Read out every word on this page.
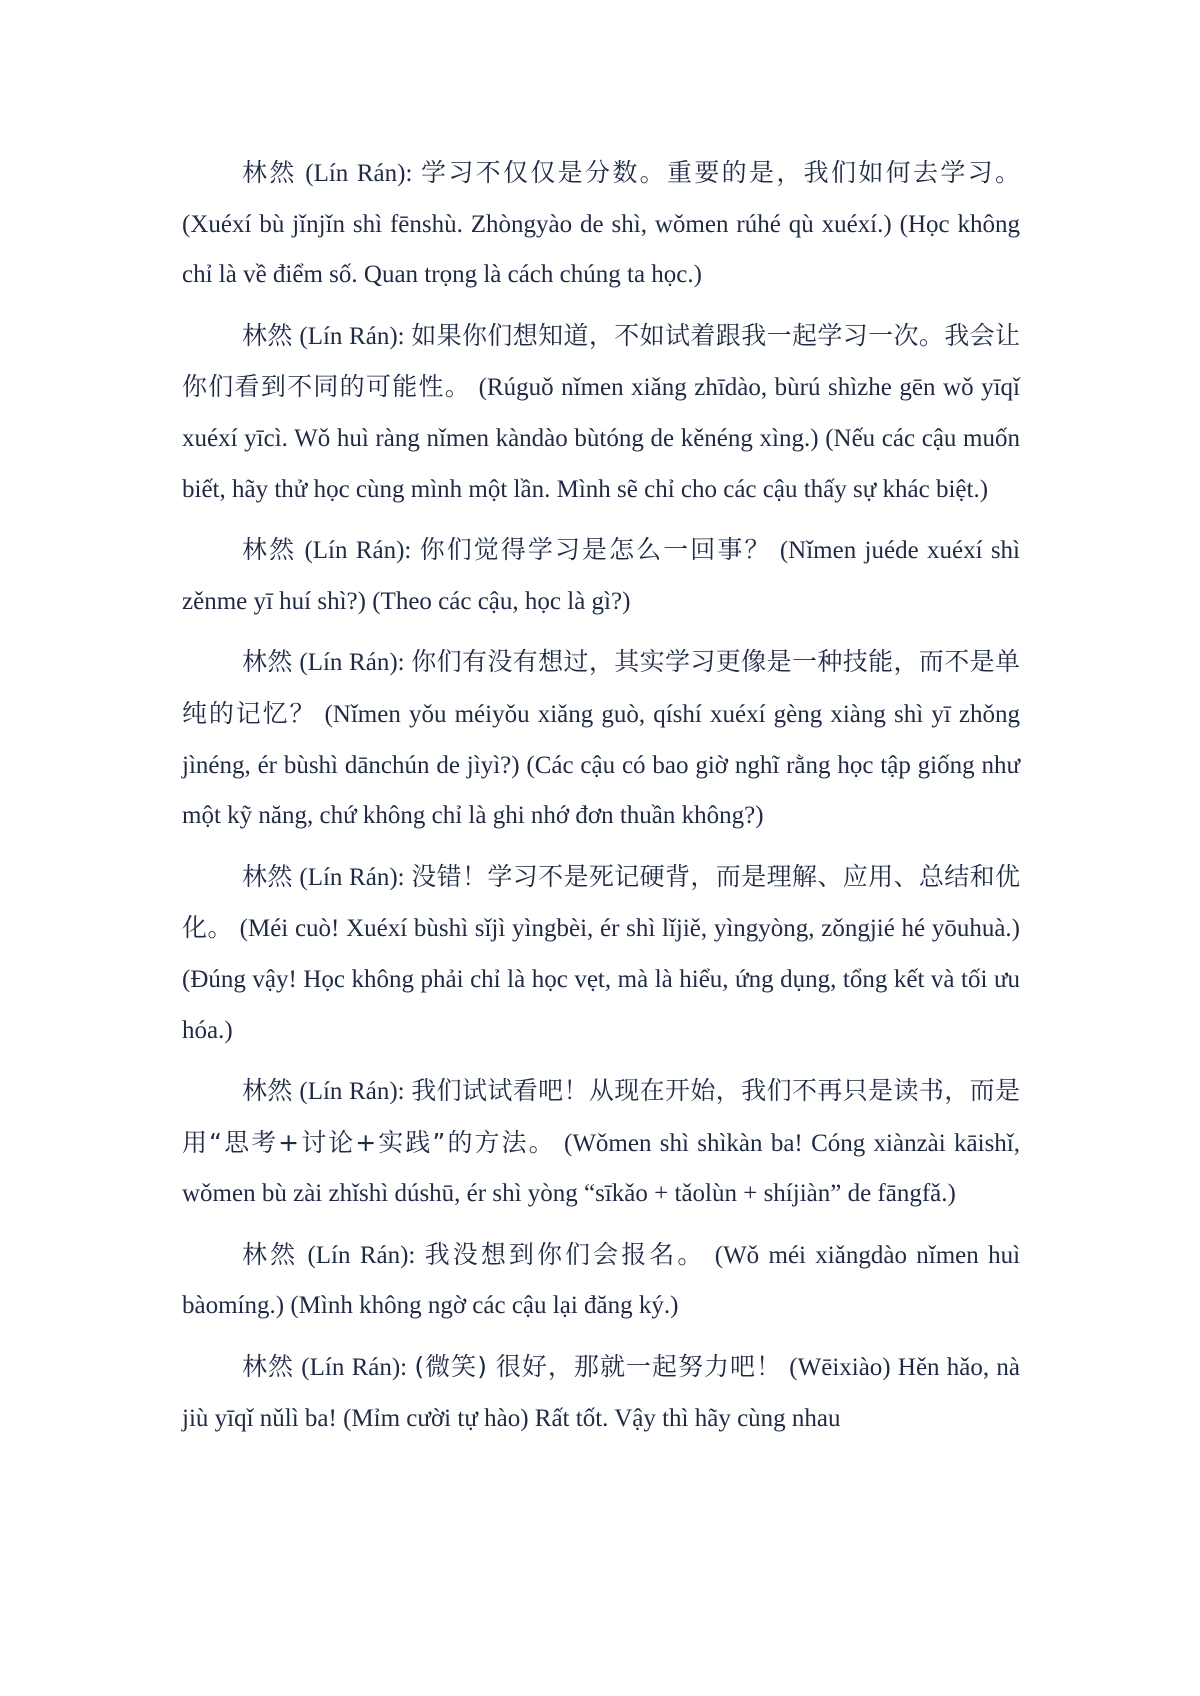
林然 (Lín Rán): 学习不仅仅是分数。重要的是，我们如何去学习。 (Xuéxí bù jǐnjǐn shì fēnshù. Zhòngyào de shì, wǒmen rúhé qù xuéxí.) (Học không chỉ là về điểm số. Quan trọng là cách chúng ta học.)

林然 (Lín Rán): 如果你们想知道，不如试着跟我一起学习一次。我会让你们看到不同的可能性。 (Rúguǒ nǐmen xiǎng zhīdào, bùrú shìzhe gēn wǒ yīqǐ xuéxí yīcì. Wǒ huì ràng nǐmen kàndào bùtóng de kěnéng xìng.) (Nếu các cậu muốn biết, hãy thử học cùng mình một lần. Mình sẽ chỉ cho các cậu thấy sự khác biệt.)

林然 (Lín Rán): 你们觉得学习是怎么一回事？ (Nǐmen juéde xuéxí shì zěnme yī huí shì?) (Theo các cậu, học là gì?)

林然 (Lín Rán): 你们有没有想过，其实学习更像是一种技能，而不是单纯的记忆？ (Nǐmen yǒu méiyǒu xiǎng guò, qíshí xuéxí gèng xiàng shì yī zhǒng jìnéng, ér bùshì dānchún de jìyì?) (Các cậu có bao giờ nghĩ rằng học tập giống như một kỹ năng, chứ không chỉ là ghi nhớ đơn thuần không?)

林然 (Lín Rán): 没错！学习不是死记硬背，而是理解、应用、总结和优化。 (Méi cuò! Xuéxí bùshì sǐjì yìngbèi, ér shì lǐjiě, yìngyòng, zǒngjié hé yōuhuà.) (Đúng vậy! Học không phải chỉ là học vẹt, mà là hiểu, ứng dụng, tổng kết và tối ưu hóa.)

林然 (Lín Rán): 我们试试看吧！从现在开始，我们不再只是读书，而是用“思考+讨论+实践”的方法。 (Wǒmen shì shìkàn ba! Cóng xiànzài kāishǐ, wǒmen bù zài zhǐshì dúshū, ér shì yòng “sīkǎo + tǎolùn + shíjiàn” de fāngfǎ.)

林然 (Lín Rán): 我没想到你们会报名。 (Wǒ méi xiǎngdào nǐmen huì bàomíng.) (Mình không ngờ các cậu lại đăng ký.)

林然 (Lín Rán): (微笑) 很好，那就一起努力吧！ (Wēixiào) Hěn hǎo, nà jiù yīqǐ nǔlì ba! (Mỉm cười tự hào) Rất tốt. Vậy thì hãy cùng nhau
